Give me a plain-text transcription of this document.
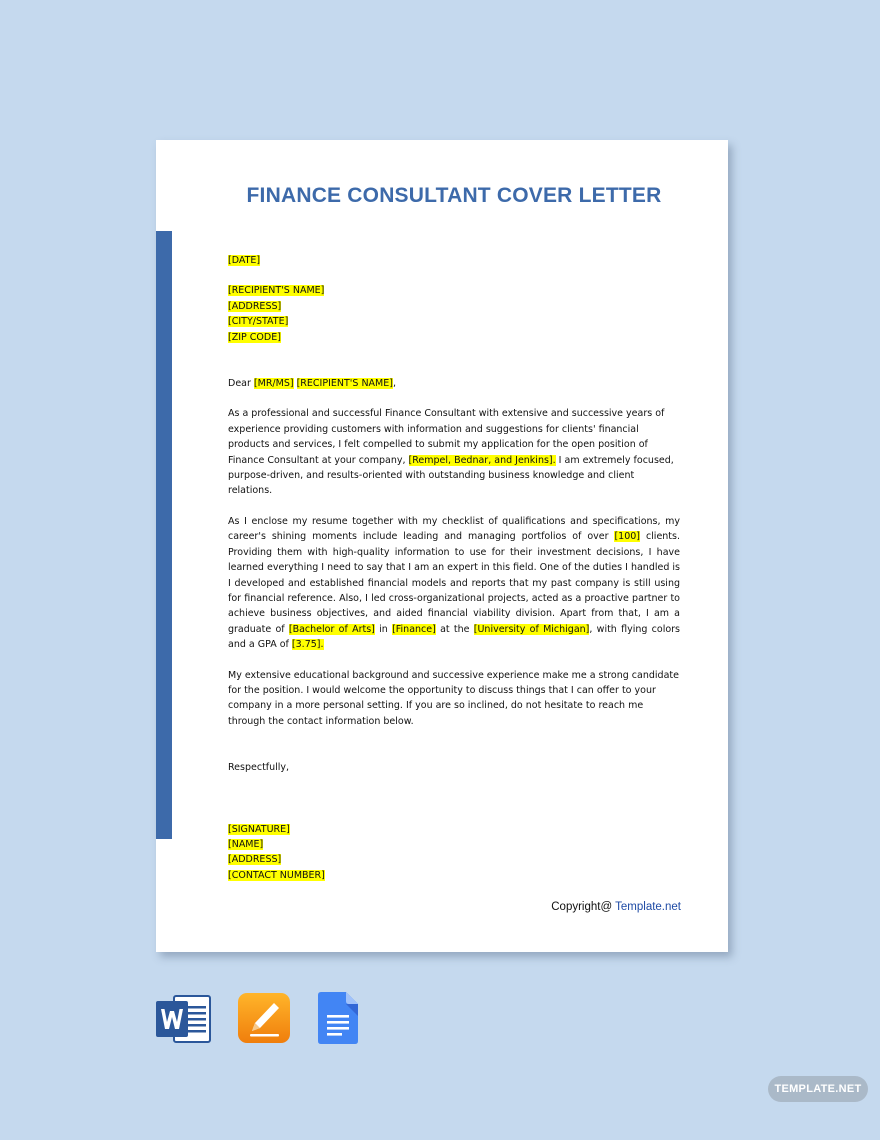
FINANCE CONSULTANT COVER LETTER

[DATE]

[RECIPIENT'S NAME]

[ADDRESS]

[CITY/STATE]

[ZIP CODE]

Dear [MR/MS] [RECIPIENT'S NAME],

As a professional and successful Finance Consultant with extensive and successive years of experience providing customers with information and suggestions for clients' financial products and services, I felt compelled to submit my application for the open position of Finance Consultant at your company, [Rempel, Bednar, and Jenkins]. I am extremely focused, purpose-driven, and results-oriented with outstanding business knowledge and client relations.

As I enclose my resume together with my checklist of qualifications and specifications, my career's shining moments include leading and managing portfolios of over [100] clients. Providing them with high-quality information to use for their investment decisions, I have learned everything I need to say that I am an expert in this field. One of the duties I handled is I developed and established financial models and reports that my past company is still using for financial reference. Also, I led cross-organizational projects, acted as a proactive partner to achieve business objectives, and aided financial viability division. Apart from that, I am a graduate of [Bachelor of Arts] in [Finance] at the [University of Michigan], with flying colors and a GPA of [3.75].

My extensive educational background and successive experience make me a strong candidate for the position. I would welcome the opportunity to discuss things that I can offer to your company in a more personal setting. If you are so inclined, do not hesitate to reach me through the contact information below.

Respectfully,

[SIGNATURE]

[NAME]

[ADDRESS]

[CONTACT NUMBER]

Copyright@ Template.net
TEMPLATE.NET
